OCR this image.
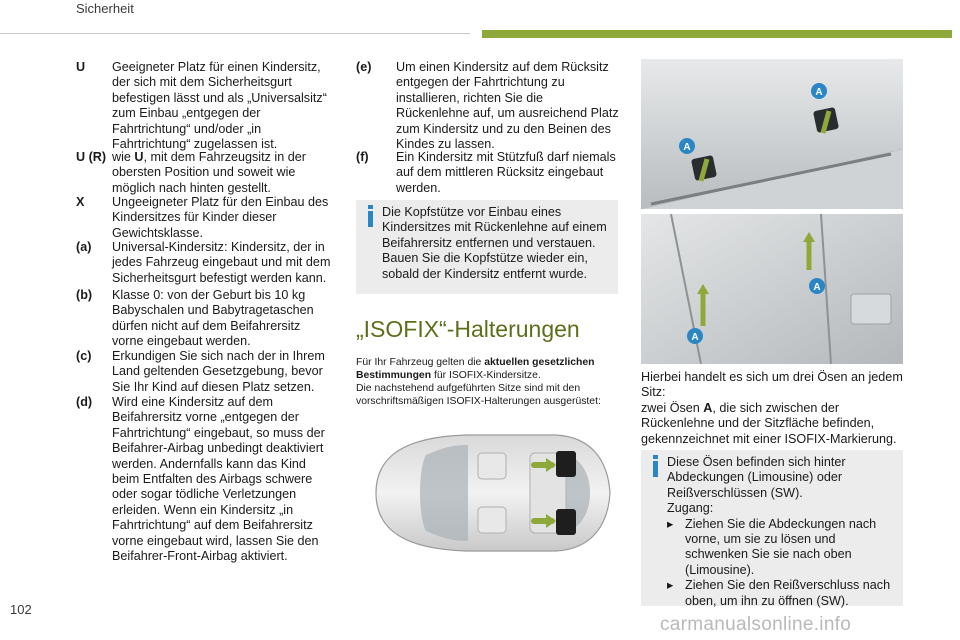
Sicherheit
U Geeigneter Platz für einen Kindersitz, der sich mit dem Sicherheitsgurt befestigen lässt und als „Universalsitz“ zum Einbau „entgegen der Fahrtrichtung“ und/oder „in Fahrtrichtung“ zugelassen ist.
U (R) wie U, mit dem Fahrzeugsitz in der obersten Position und soweit wie möglich nach hinten gestellt.
X Ungeeigneter Platz für den Einbau des Kindersitzes für Kinder dieser Gewichtsklasse.
(a) Universal-Kindersitz: Kindersitz, der in jedes Fahrzeug eingebaut und mit dem Sicherheitsgurt befestigt werden kann.
(b) Klasse 0: von der Geburt bis 10 kg Babyschalen und Babytragetaschen dürfen nicht auf dem Beifahrersitz vorne eingebaut werden.
(c) Erkundigen Sie sich nach der in Ihrem Land geltenden Gesetzgebung, bevor Sie Ihr Kind auf diesen Platz setzen.
(d) Wird eine Kindersitz auf dem Beifahrersitz vorne „entgegen der Fahrtrichtung“ eingebaut, so muss der Beifahrer-Airbag unbedingt deaktiviert werden. Andernfalls kann das Kind beim Entfalten des Airbags schwere oder sogar tödliche Verletzungen erleiden. Wenn ein Kindersitz „in Fahrtrichtung“ auf dem Beifahrersitz vorne eingebaut wird, lassen Sie den Beifahrer-Front-Airbag aktiviert.
(e) Um einen Kindersitz auf dem Rücksitz entgegen der Fahrtrichtung zu installieren, richten Sie die Rückenlehne auf, um ausreichend Platz zum Kindersitz und zu den Beinen des Kindes zu lassen.
(f) Ein Kindersitz mit Stützfuß darf niemals auf dem mittleren Rücksitz eingebaut werden.
Die Kopfstütze vor Einbau eines Kindersitzes mit Rückenlehne auf einem Beifahrersitz entfernen und verstauen. Bauen Sie die Kopfstütze wieder ein, sobald der Kindersitz entfernt wurde.
„ISOFIX“-Halterungen
Für Ihr Fahrzeug gelten die aktuellen gesetzlichen Bestimmungen für ISOFIX-Kindersitze.
Die nachstehend aufgeführten Sitze sind mit den vorschriftsmäßigen ISOFIX-Halterungen ausgerüstet:
A
A
A
A
Hierbei handelt es sich um drei Ösen an jedem Sitz:
zwei Ösen A, die sich zwischen der Rückenlehne und der Sitzfläche befinden, gekennzeichnet mit einer ISOFIX-Markierung.
Diese Ösen befinden sich hinter Abdeckungen (Limousine) oder Reißverschlüssen (SW).
Zugang:
▸ Ziehen Sie die Abdeckungen nach vorne, um sie zu lösen und schwenken Sie sie nach oben (Limousine).
▸ Ziehen Sie den Reißverschluss nach oben, um ihn zu öffnen (SW).
102
carmanualsonline.info
